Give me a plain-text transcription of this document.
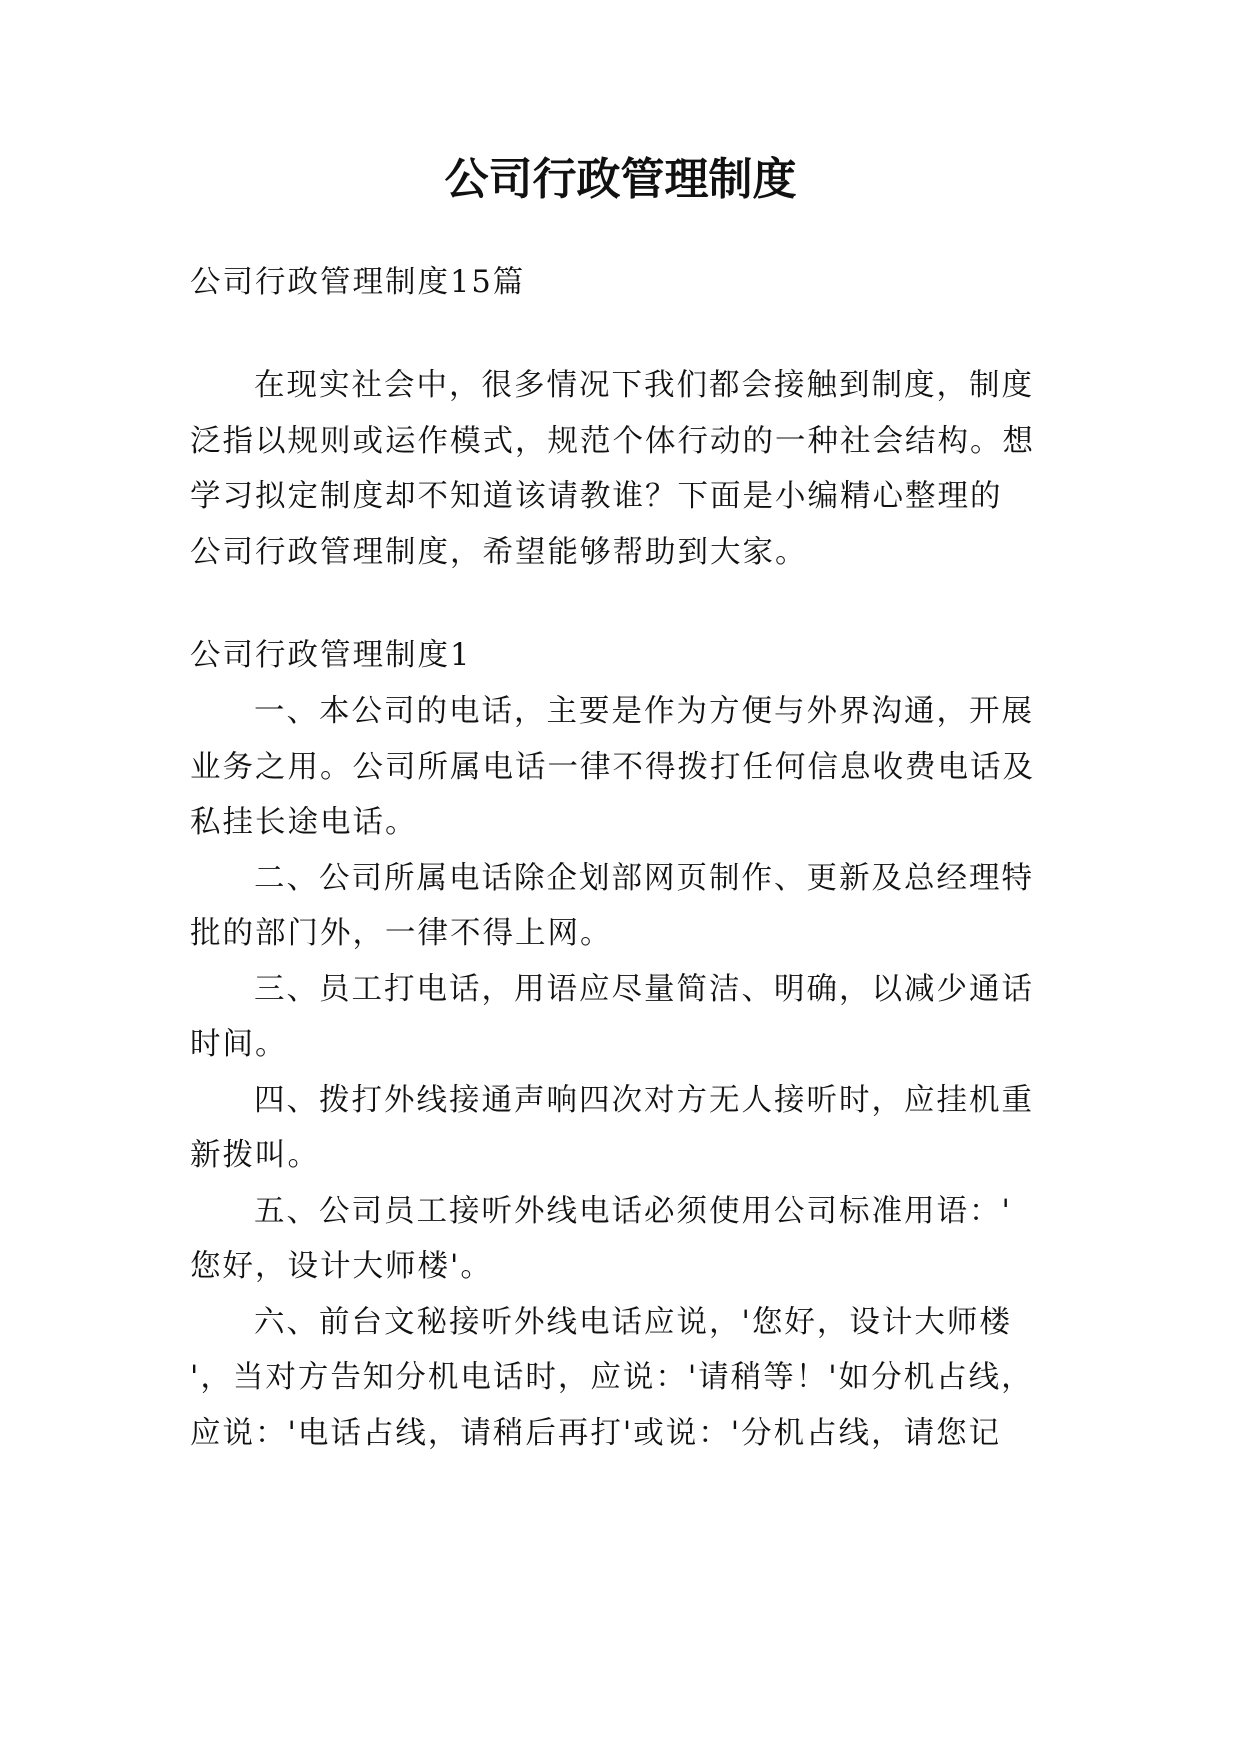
公司行政管理制度
公司行政管理制度15篇
在现实社会中，很多情况下我们都会接触到制度，制度
泛指以规则或运作模式，规范个体行动的一种社会结构。想
学习拟定制度却不知道该请教谁？下面是小编精心整理的
公司行政管理制度，希望能够帮助到大家。
公司行政管理制度1
一、本公司的电话，主要是作为方便与外界沟通，开展
业务之用。公司所属电话一律不得拨打任何信息收费电话及
私挂长途电话。
二、公司所属电话除企划部网页制作、更新及总经理特
批的部门外，一律不得上网。
三、员工打电话，用语应尽量简洁、明确，以减少通话
时间。
四、拨打外线接通声响四次对方无人接听时，应挂机重
新拨叫。
五、公司员工接听外线电话必须使用公司标准用语：'
您好，设计大师楼'。
六、前台文秘接听外线电话应说，'您好，设计大师楼
'，当对方告知分机电话时，应说：'请稍等！'如分机占线，
应说：'电话占线，请稍后再打'或说：'分机占线，请您记
